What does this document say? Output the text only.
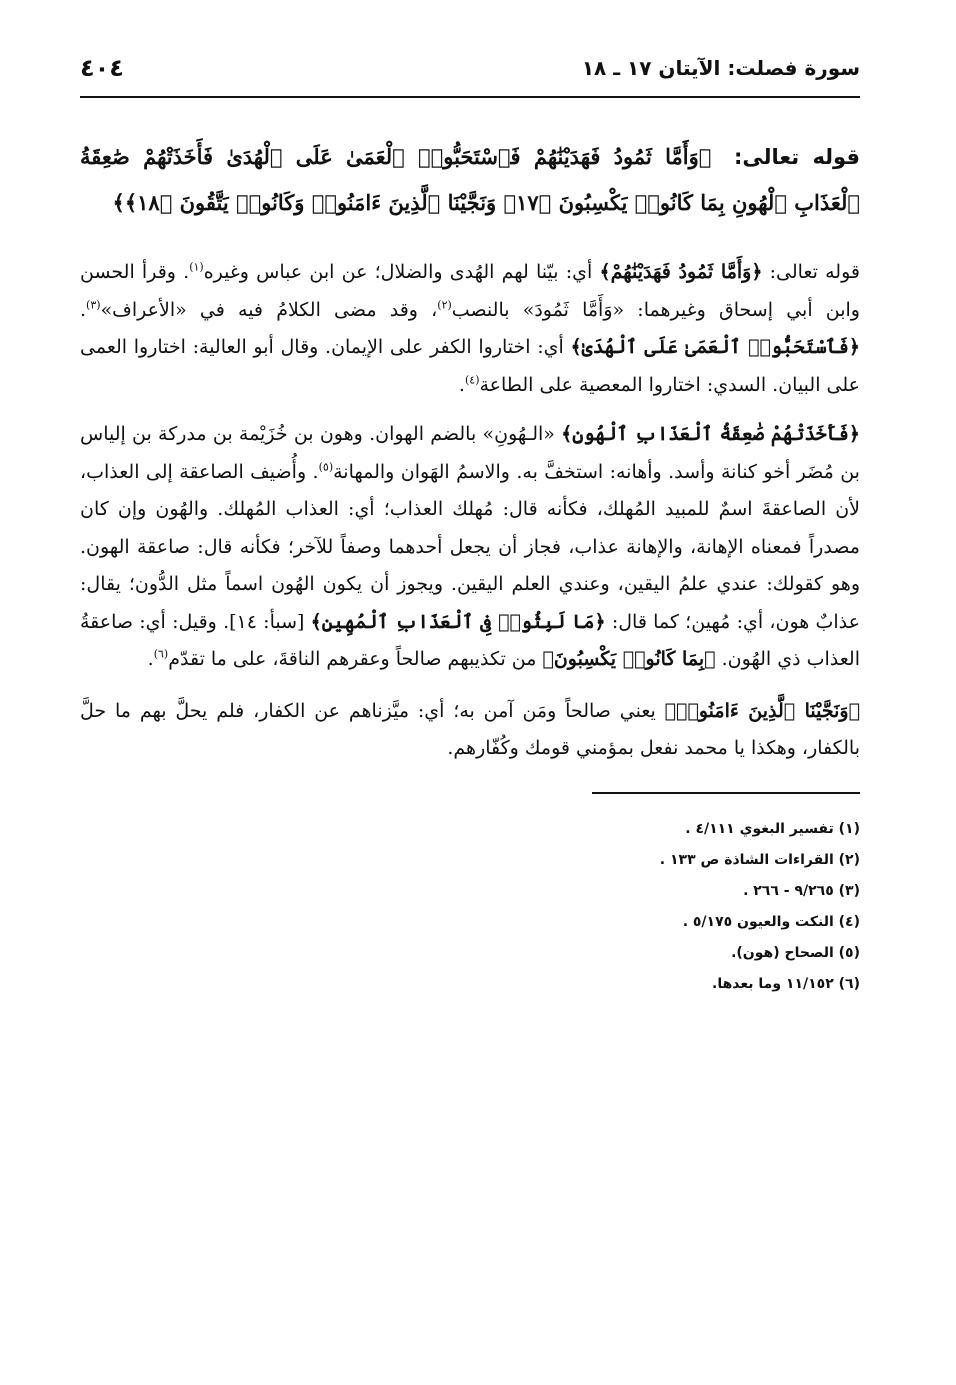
سورة فصلت: الآيتان ١٧ ـ ١٨
٤٠٤
قوله تعالى: ﴿وَأَمَّا ثَمُودُ فَهَدَيْنَٰهُمْ فَٱسْتَحَبُّوا۟ ٱلْعَمَىٰ عَلَى ٱلْهُدَىٰ فَأَخَذَتْهُمْ صَٰعِقَةُ ٱلْعَذَابِ ٱلْهُونِ بِمَا كَانُوا۟ يَكْسِبُونَ ﴿١٧﴾ وَنَجَّيْنَا ٱلَّذِينَ ءَامَنُوا۟ وَكَانُوا۟ يَتَّقُونَ ﴿١٨﴾﴾
قوله تعالى: ﴿وَأَمَّا ثَمُودُ فَهَدَيْنَٰهُمْ﴾ أي: بيّنا لهم الهُدى والضلال؛ عن ابن عباس وغيره$^{(١)}$. وقرأ الحسن وابن أبي إسحاق وغيرهما: «وَأَمَّا ثَمُودَ» بالنصب$^{(٢)}$، وقد مضى الكلامُ فيه في «الأعراف»$^{(٣)}$. ﴿فَٱسْتَحَبُّوا۟ ٱلْعَمَىٰ عَلَى ٱلْهُدَىٰ﴾ أي: اختاروا الكفر على الإيمان. وقال أبو العالية: اختاروا العمى على البيان. السدي: اختاروا المعصية على الطاعة$^{(٤)}$.
﴿فَأَخَذَتْهُمْ صَٰعِقَةُ ٱلْعَذَابِ ٱلْهُونِ﴾ «الـهُونِ» بالضم الهوان. وهون بن خُزَيْمة بن مدركة بن إلياس بن مُضَر أخو كنانة وأسد. وأهانه: استخفَّ به. والاسمُ الهَوان والمهانة$^{(٥)}$. وأُضيف الصاعقة إلى العذاب، لأن الصاعقةَ اسمٌ للمبيد المُهلك، فكأنه قال: مُهلك العذاب؛ أي: العذاب المُهلك. والهُون وإن كان مصدراً فمعناه الإهانة، والإهانة عذاب، فجاز أن يجعل أحدهما وصفاً للآخر؛ فكأنه قال: صاعقة الهون. وهو كقولك: عندي علمُ اليقين، وعندي العلم اليقين. ويجوز أن يكون الهُون اسماً مثل الدُّون؛ يقال: عذابٌ هون، أي: مُهين؛ كما قال: ﴿مَا لَبِثُوا۟ فِى ٱلْعَذَابِ ٱلْمُهِينِ﴾ [سبأ: ١٤]. وقيل: أي: صاعقةُ العذاب ذي الهُون. ﴿بِمَا كَانُوا۟ يَكْسِبُونَ﴾ من تكذيبهم صالحاً وعقرهم الناقةَ، على ما تقدّم$^{(٦)}$.
﴿وَنَجَّيْنَا ٱلَّذِينَ ءَامَنُوا۟﴾ يعني صالحاً ومَن آمن به؛ أي: ميَّزناهم عن الكفار، فلم يحلَّ بهم ما حلَّ بالكفار، وهكذا يا محمد نفعل بمؤمني قومك وكُفّارهم.
(١) تفسير البغوي ٤/١١١ .
(٢) القراءات الشاذة ص ١٣٣ .
(٣) ٩/٢٦٥ - ٢٦٦ .
(٤) النكت والعيون ٥/١٧٥ .
(٥) الصحاح (هون).
(٦) ١١/١٥٢ وما بعدها.
